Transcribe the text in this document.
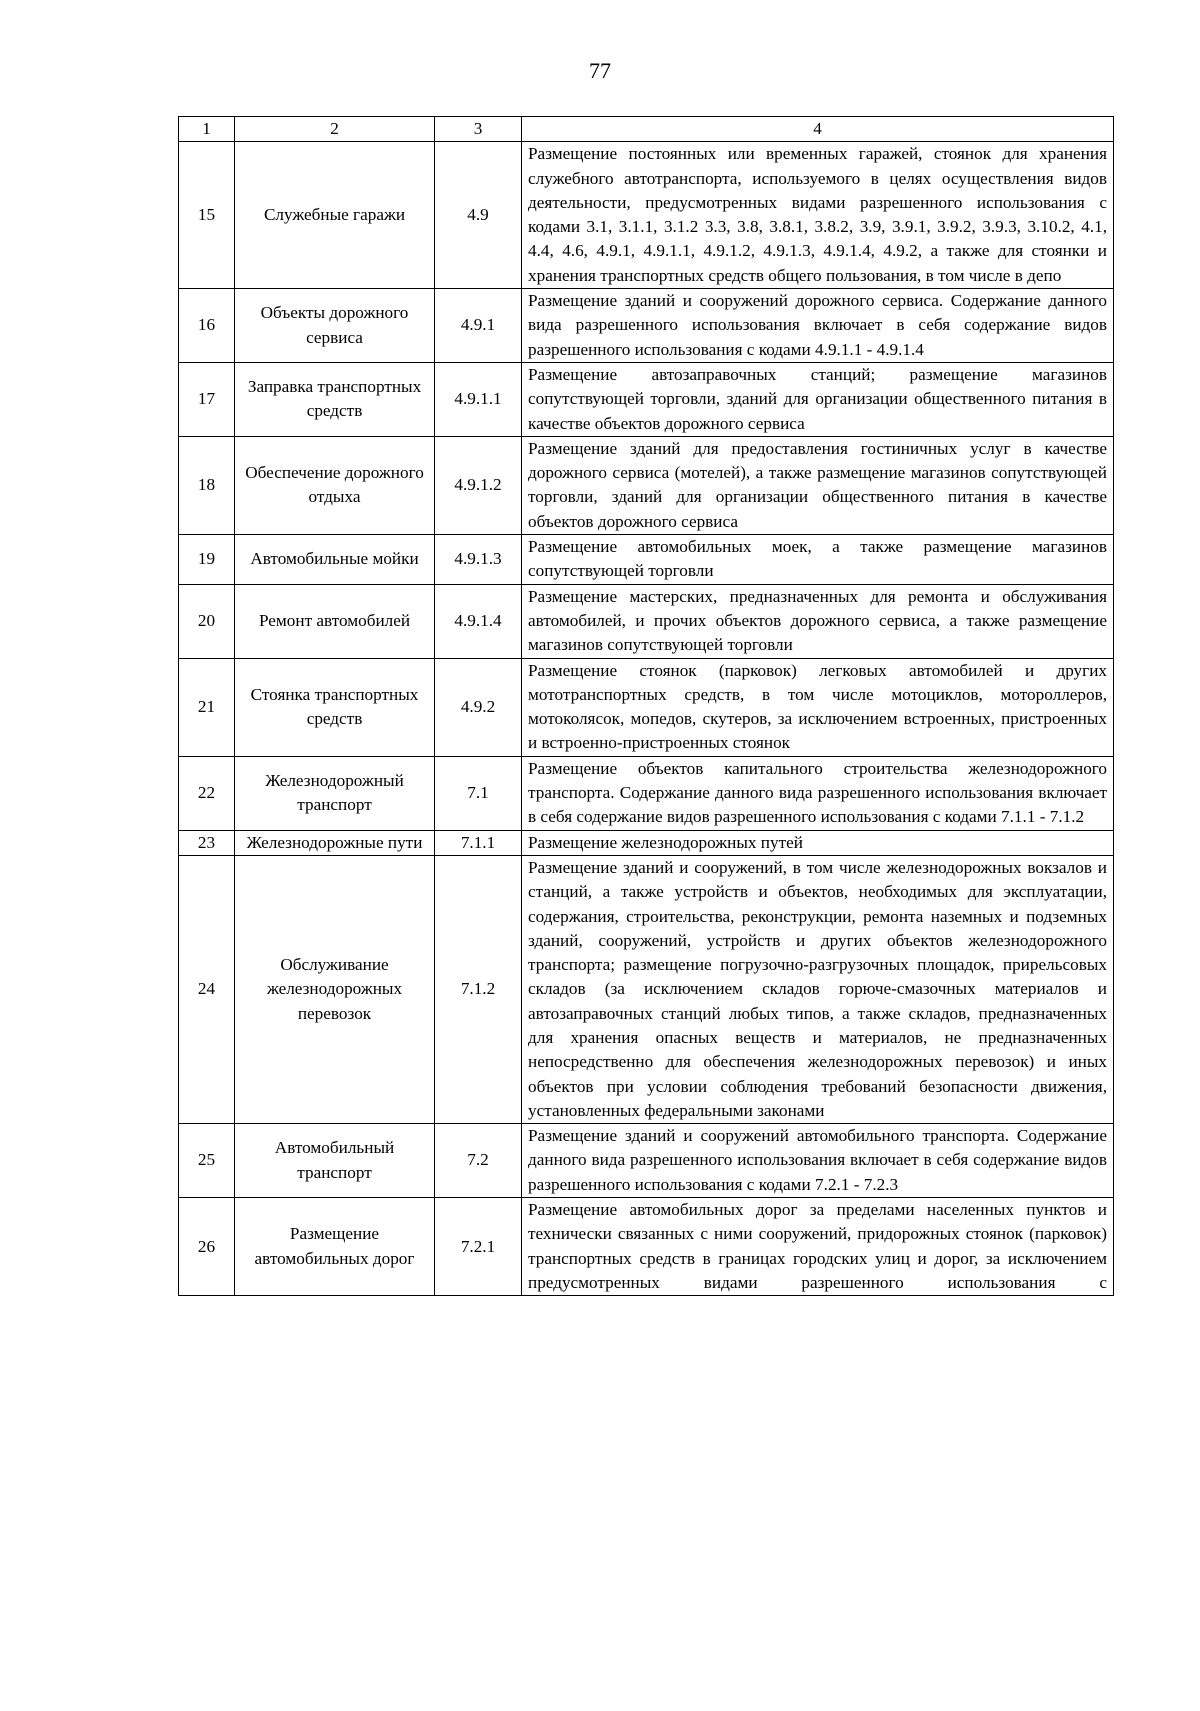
77
1	2	3	4
15	Служебные гаражи	4.9	Размещение постоянных или временных гаражей, стоянок для хранения служебного автотранспорта, используемого в целях осуществления видов деятельности, предусмотренных видами разрешенного использования с кодами 3.1, 3.1.1, 3.1.2 3.3, 3.8, 3.8.1, 3.8.2, 3.9, 3.9.1, 3.9.2, 3.9.3, 3.10.2, 4.1, 4.4, 4.6, 4.9.1, 4.9.1.1, 4.9.1.2, 4.9.1.3, 4.9.1.4, 4.9.2, а также для стоянки и хранения транспортных средств общего пользования, в том числе в депо
16	Объекты дорожного сервиса	4.9.1	Размещение зданий и сооружений дорожного сервиса. Содержание данного вида разрешенного использования включает в себя содержание видов разрешенного использования с кодами 4.9.1.1 - 4.9.1.4
17	Заправка транспортных средств	4.9.1.1	Размещение автозаправочных станций; размещение магазинов сопутствующей торговли, зданий для организации общественного питания в качестве объектов дорожного сервиса
18	Обеспечение дорожного отдыха	4.9.1.2	Размещение зданий для предоставления гостиничных услуг в качестве дорожного сервиса (мотелей), а также размещение магазинов сопутствующей торговли, зданий для организации общественного питания в качестве объектов дорожного сервиса
19	Автомобильные мойки	4.9.1.3	Размещение автомобильных моек, а также размещение магазинов сопутствующей торговли
20	Ремонт автомобилей	4.9.1.4	Размещение мастерских, предназначенных для ремонта и обслуживания автомобилей, и прочих объектов дорожного сервиса, а также размещение магазинов сопутствующей торговли
21	Стоянка транспортных средств	4.9.2	Размещение стоянок (парковок) легковых автомобилей и других мототранспортных средств, в том числе мотоциклов, мотороллеров, мотоколясок, мопедов, скутеров, за исключением встроенных, пристроенных и встроенно-пристроенных стоянок
22	Железнодорожный транспорт	7.1	Размещение объектов капитального строительства железнодорожного транспорта. Содержание данного вида разрешенного использования включает в себя содержание видов разрешенного использования с кодами 7.1.1 - 7.1.2
23	Железнодорожные пути	7.1.1	Размещение железнодорожных путей
24	Обслуживание железнодорожных перевозок	7.1.2	Размещение зданий и сооружений, в том числе железнодорожных вокзалов и станций, а также устройств и объектов, необходимых для эксплуатации, содержания, строительства, реконструкции, ремонта наземных и подземных зданий, сооружений, устройств и других объектов железнодорожного транспорта; размещение погрузочно-разгрузочных площадок, прирельсовых складов (за исключением складов горюче-смазочных материалов и автозаправочных станций любых типов, а также складов, предназначенных для хранения опасных веществ и материалов, не предназначенных непосредственно для обеспечения железнодорожных перевозок) и иных объектов при условии соблюдения требований безопасности движения, установленных федеральными законами
25	Автомобильный транспорт	7.2	Размещение зданий и сооружений автомобильного транспорта. Содержание данного вида разрешенного использования включает в себя содержание видов разрешенного использования с кодами 7.2.1 - 7.2.3
26	Размещение автомобильных дорог	7.2.1	Размещение автомобильных дорог за пределами населенных пунктов и технически связанных с ними сооружений, придорожных стоянок (парковок) транспортных средств в границах городских улиц и дорог, за исключением предусмотренных видами разрешенного использования с
